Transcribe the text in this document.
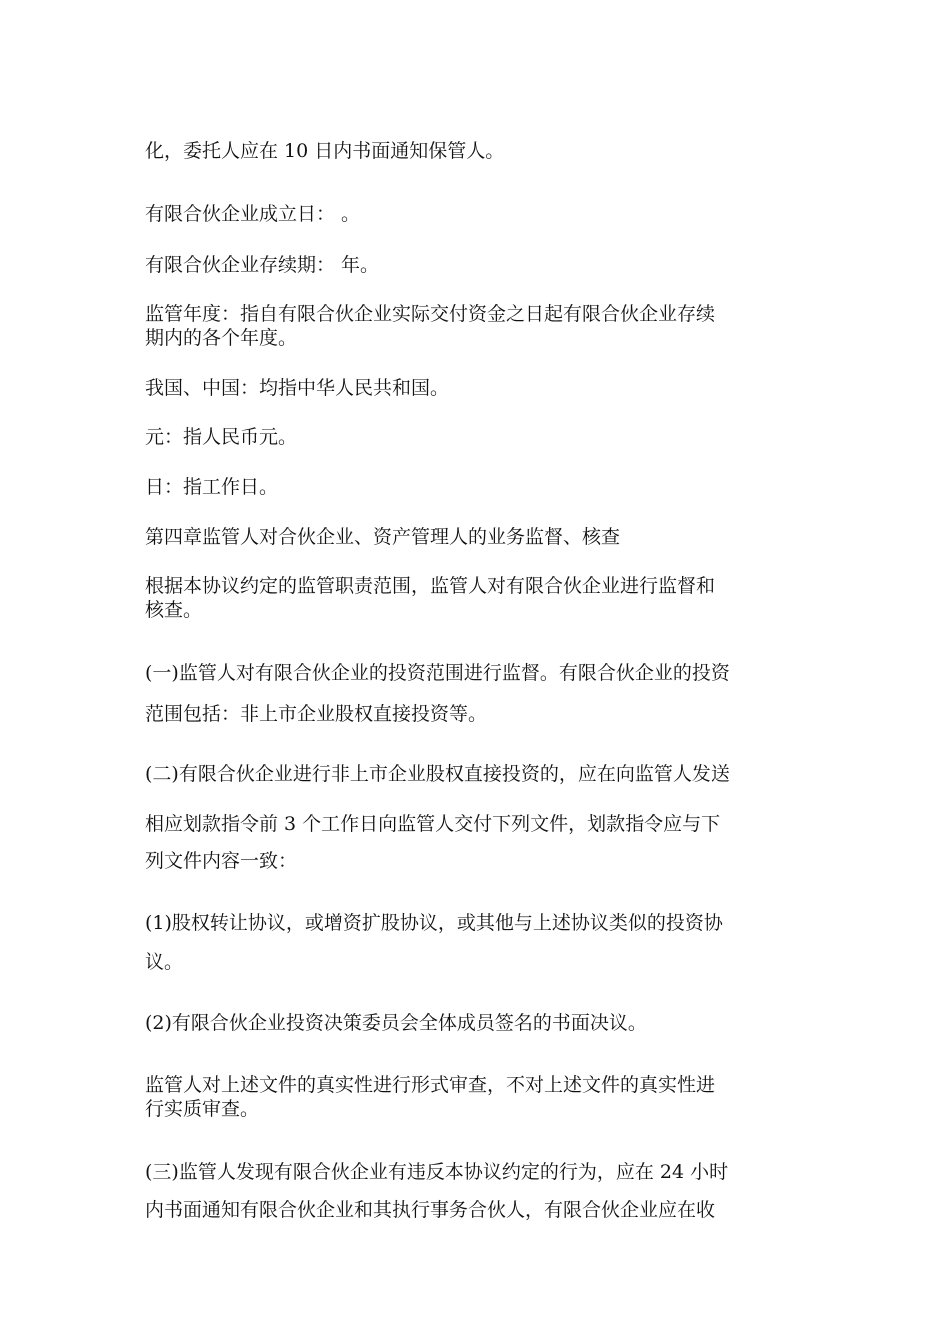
化，委托人应在 10 日内书面通知保管人。
有限合伙企业成立日： 。
有限合伙企业存续期： 年。
监管年度：指自有限合伙企业实际交付资金之日起有限合伙企业存续
期内的各个年度。
我国、中国：均指中华人民共和国。
元：指人民币元。
日：指工作日。
第四章监管人对合伙企业、资产管理人的业务监督、核查
根据本协议约定的监管职责范围，监管人对有限合伙企业进行监督和
核查。
(一)监管人对有限合伙企业的投资范围进行监督。有限合伙企业的投资
范围包括：非上市企业股权直接投资等。
(二)有限合伙企业进行非上市企业股权直接投资的，应在向监管人发送
相应划款指令前 3 个工作日向监管人交付下列文件，划款指令应与下
列文件内容一致：
(1)股权转让协议，或增资扩股协议，或其他与上述协议类似的投资协
议。
(2)有限合伙企业投资决策委员会全体成员签名的书面决议。
监管人对上述文件的真实性进行形式审查，不对上述文件的真实性进
行实质审查。
(三)监管人发现有限合伙企业有违反本协议约定的行为，应在 24 小时
内书面通知有限合伙企业和其执行事务合伙人，有限合伙企业应在收
